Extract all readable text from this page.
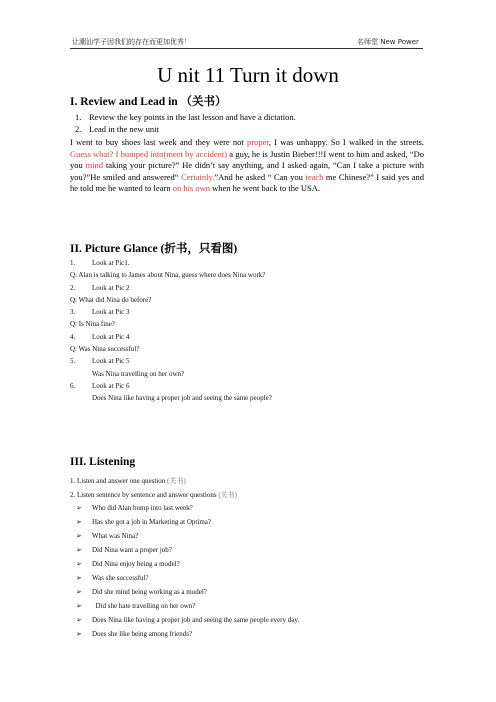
让潮汕学子因我们的存在而更加优秀！	名师堂 New Power
U nit 11 Turn it down
I. Review and Lead in （关书）
1. Review the key points in the last lesson and have a dictation.
2. Lead in the new unit
I went to buy shoes last week and they were not proper, I was unhappy. So I walked in the streets. Guess what? I bumped into(meet by accident) a guy, he is Justin Bieber!!!I went to him and asked, “Do you mind taking your picture?” He didn’t say anything, and I asked again, “Can I take a picture with you?”He smiled and answered“ Certainly.”And he asked “ Can you teach me Chinese?” I said yes and he told me he wanted to learn on his own when he went back to the USA.
II. Picture Glance (折书，只看图)
1. Look at Pic1.
Q: Alan is talking to James about Nina, guess where does Nina work?
2. Look at Pic 2
Q: What did Nina do before?
3. Look at Pic 3
Q: Is Nina fine?
4. Look at Pic 4
Q: Was Nina successful?
5. Look at Pic 5
Was Nina travelling on her own?
6. Look at Pic 6
Does Nina like having a proper job and seeing the same people?
III. Listening
1. Listen and answer one question (关书)
2. Listen sentence by sentence and answer questions (关书)
➢ Who did Alan bump into last week?
➢ Has she got a job in Marketing at Optima?
➢ What was Nina?
➢ Did Nina want a proper job?
➢ Did Nina enjoy being a model?
➢ Was she successful?
➢ Did she mind being working as a model?
➢  Did she hate travelling on her own?
➢ Does Nina like having a proper job and seeing the same people every day.
➢ Does she like being among friends?
